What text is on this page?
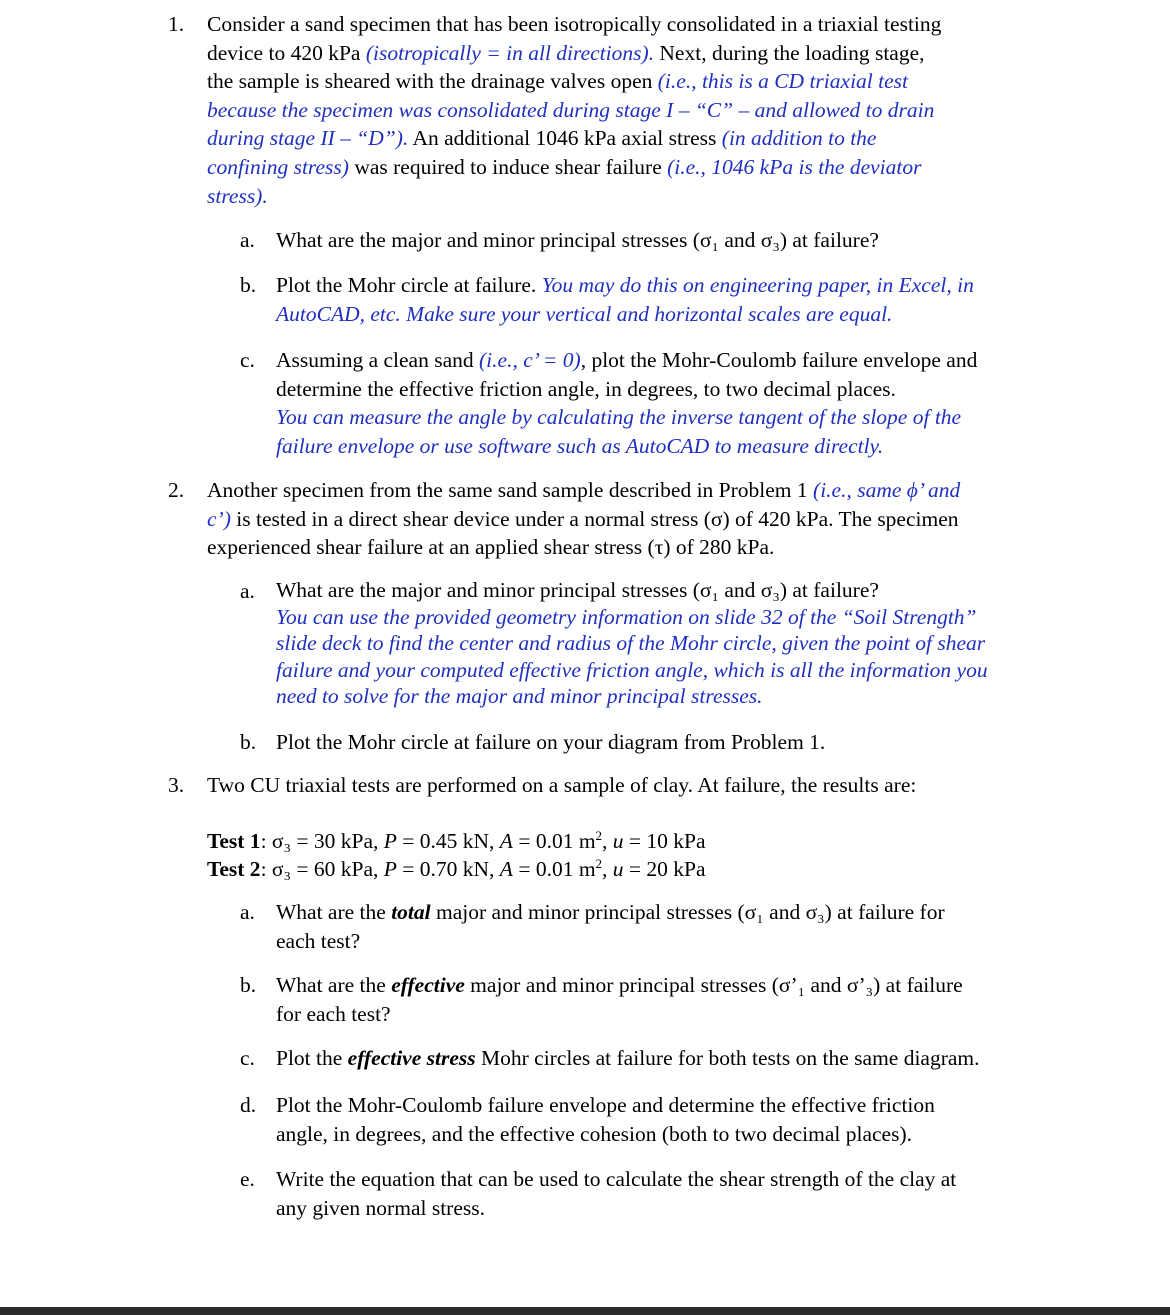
1. Consider a sand specimen that has been isotropically consolidated in a triaxial testing
device to 420 kPa (isotropically = in all directions). Next, during the loading stage,
the sample is sheared with the drainage valves open (i.e., this is a CD triaxial test
because the specimen was consolidated during stage I – “C” – and allowed to drain
during stage II – “D”). An additional 1046 kPa axial stress (in addition to the
confining stress) was required to induce shear failure (i.e., 1046 kPa is the deviator
stress).
a. What are the major and minor principal stresses (σ₁ and σ₃) at failure?
b. Plot the Mohr circle at failure. You may do this on engineering paper, in Excel, in
AutoCAD, etc. Make sure your vertical and horizontal scales are equal.
c. Assuming a clean sand (i.e., c’ = 0), plot the Mohr-Coulomb failure envelope and
determine the effective friction angle, in degrees, to two decimal places.
You can measure the angle by calculating the inverse tangent of the slope of the
failure envelope or use software such as AutoCAD to measure directly.
2. Another specimen from the same sand sample described in Problem 1 (i.e., same ϕ’ and
c’) is tested in a direct shear device under a normal stress (σ) of 420 kPa. The specimen
experienced shear failure at an applied shear stress (τ) of 280 kPa.
a. What are the major and minor principal stresses (σ₁ and σ₃) at failure?
You can use the provided geometry information on slide 32 of the “Soil Strength”
slide deck to find the center and radius of the Mohr circle, given the point of shear
failure and your computed effective friction angle, which is all the information you
need to solve for the major and minor principal stresses.
b. Plot the Mohr circle at failure on your diagram from Problem 1.
3. Two CU triaxial tests are performed on a sample of clay. At failure, the results are:
Test 1: σ₃ = 30 kPa, P = 0.45 kN, A = 0.01 $m^2$, u = 10 kPa
Test 2: σ₃ = 60 kPa, P = 0.70 kN, A = 0.01 $m^2$, u = 20 kPa
a. What are the total major and minor principal stresses (σ₁ and σ₃) at failure for
each test?
b. What are the effective major and minor principal stresses (σ’₁ and σ’₃) at failure
for each test?
c. Plot the effective stress Mohr circles at failure for both tests on the same diagram.
d. Plot the Mohr-Coulomb failure envelope and determine the effective friction
angle, in degrees, and the effective cohesion (both to two decimal places).
e. Write the equation that can be used to calculate the shear strength of the clay at
any given normal stress.
